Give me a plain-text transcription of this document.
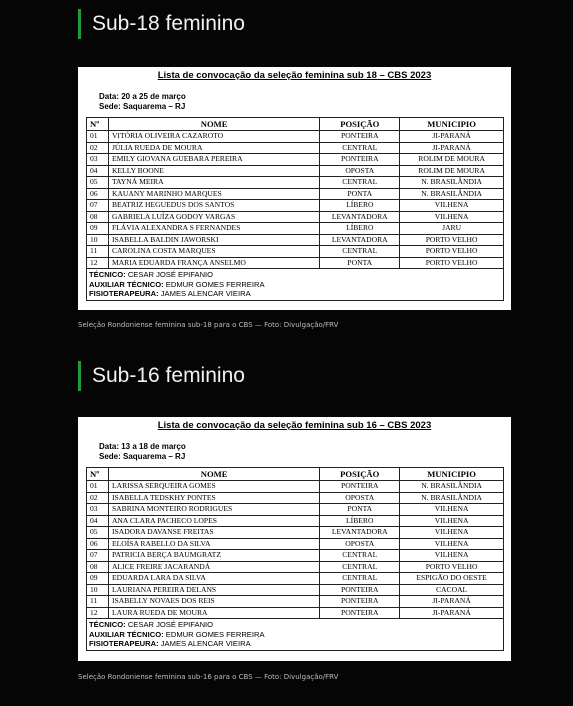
Sub-18 feminino
Lista de convocação da seleção feminina sub 18 – CBS 2023
Data: 20 a 25 de março
Sede: Saquarema – RJ
Nº	NOME	POSIÇÃO	MUNICIPIO
01	VITÓRIA OLIVEIRA CAZAROTO	PONTEIRA	JI-PARANÁ
02	JÚLIA RUEDA DE MOURA	CENTRAL	JI-PARANÁ
03	EMILY GIOVANA GUEBARA PEREIRA	PONTEIRA	ROLIM DE MOURA
04	KELLY BOONE	OPOSTA	ROLIM DE MOURA
05	TAYNÁ MEIRA	CENTRAL	N. BRASILÂNDIA
06	KAUANY MARINHO MARQUES	PONTA	N. BRASILÂNDIA
07	BEATRIZ HEGUEDUS DOS SANTOS	LÍBERO	VILHENA
08	GABRIELA LUÍZA GODOY VARGAS	LEVANTADORA	VILHENA
09	FLÁVIA ALEXANDRA S FERNANDES	LÍBERO	JARU
10	ISABELLA BALDIN JAWORSKI	LEVANTADORA	PORTO VELHO
11	CAROLINA COSTA MARQUES	CENTRAL	PORTO VELHO
12	MARIA EDUARDA FRANÇA ANSELMO	PONTA	PORTO VELHO
TÉCNICO: CESAR JOSÉ EPIFANIO
AUXILIAR TÉCNICO: EDMUR GOMES FERREIRA
FISIOTERAPEURA: JAMES ALENCAR VIEIRA
Seleção Rondoniense feminina sub-18 para o CBS — Foto: Divulgação/FRV
Sub-16 feminino
Lista de convocação da seleção feminina sub 16 – CBS 2023
Data: 13 a 18 de março
Sede: Saquarema – RJ
Nº	NOME	POSIÇÃO	MUNICIPIO
01	LARISSA SERQUEIRA GOMES	PONTEIRA	N. BRASILÂNDIA
02	ISABELLA TEDSKHY PONTES	OPOSTA	N. BRASILÂNDIA
03	SABRINA MONTEIRO RODRIGUES	PONTA	VILHENA
04	ANA CLARA PACHECO LOPES	LÍBERO	VILHENA
05	ISADORA DAVANSE FREITAS	LEVANTADORA	VILHENA
06	ELOÍSA RABELLO DA SILVA	OPOSTA	VILHENA
07	PATRICIA BERÇA BAUMGRATZ	CENTRAL	VILHENA
08	ALICE FREIRE JACARANDÁ	CENTRAL	PORTO VELHO
09	EDUARDA LARA DA SILVA	CENTRAL	ESPIGÃO DO OESTE
10	LAURIANA PEREIRA DELANS	PONTEIRA	CACOAL
11	ISABELLY NOVAES DOS REIS	PONTEIRA	JI-PARANÁ
12	LAURA RUEDA DE MOURA	PONTEIRA	JI-PARANÁ
TÉCNICO: CESAR JOSÉ EPIFANIO
AUXILIAR TÉCNICO: EDMUR GOMES FERREIRA
FISIOTERAPEURA: JAMES ALENCAR VIEIRA
Seleção Rondoniense feminina sub-16 para o CBS — Foto: Divulgação/FRV
